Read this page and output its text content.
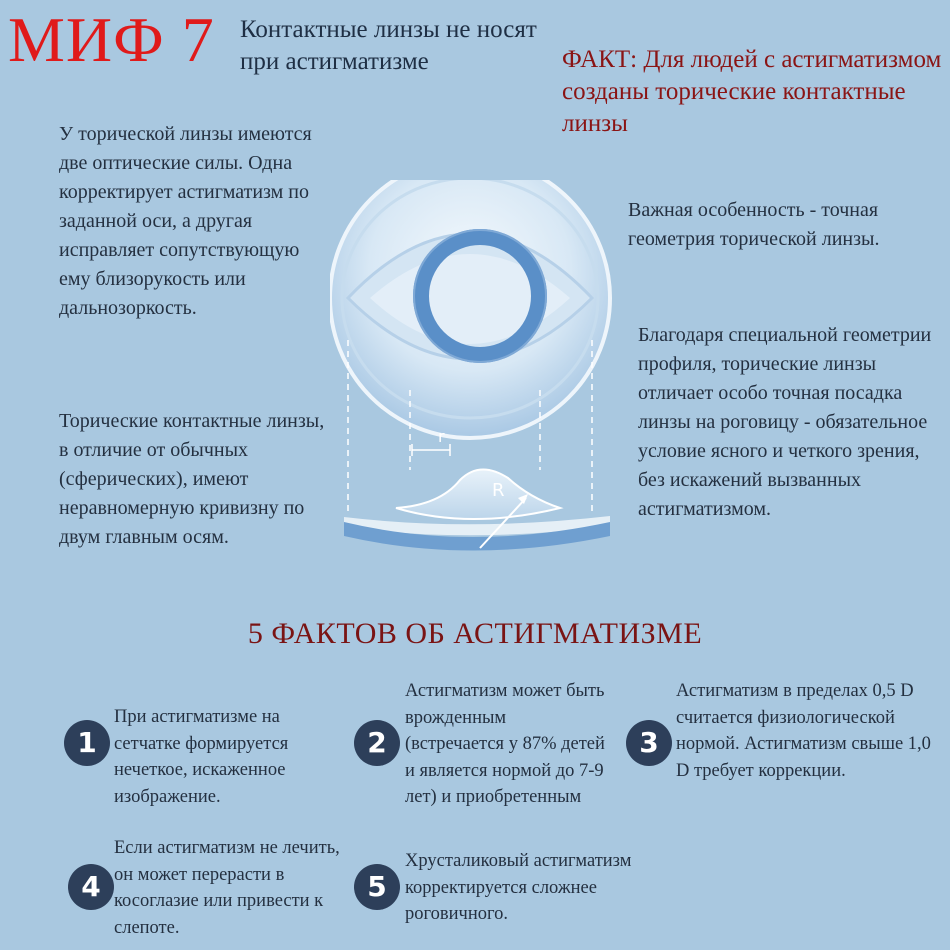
МИФ 7 Контактные линзы не носят при астигматизме	ФАКТ: Для людей с астигматизмом созданы торические контактные линзы
У торической линзы имеются две оптические силы. Одна корректирует астигматизм по заданной оси, а другая исправляет сопутствующую ему близорукость или дальнозоркость.
Торические контактные линзы, в отличие от обычных (сферических), имеют неравномерную кривизну по двум главным осям.
Важная особенность - точная геометрия торической линзы.
Благодаря специальной геометрии профиля, торические линзы отличает особо точная посадка линзы на роговицу - обязательное условие ясного и четкого зрения, без искажений вызванных астигматизмом.
r
R
5 ФАКТОВ ОБ АСТИГМАТИЗМЕ
1
При астигматизме на сетчатке формируется нечеткое, искаженное изображение.
2
Астигматизм может быть врожденным (встречается у 87% детей и является нормой до 7-9 лет) и приобретенным
3
Астигматизм в пределах 0,5 D считается физиологической нормой. Астигматизм свыше 1,0 D требует коррекции.
4
Если астигматизм не лечить, он может перерасти в косоглазие или привести к слепоте.
5
Хрусталиковый астигматизм корректируется сложнее роговичного.
